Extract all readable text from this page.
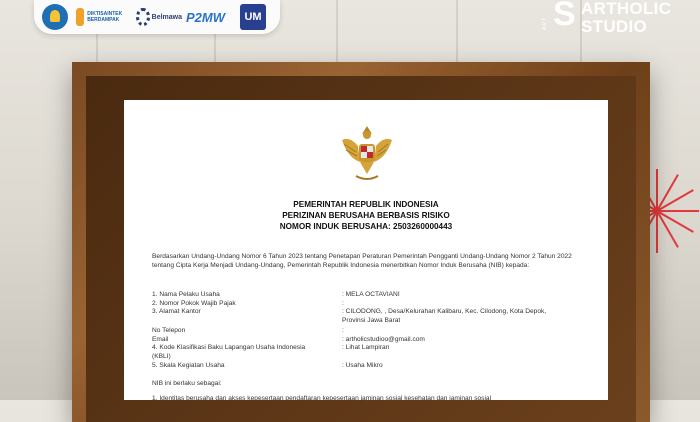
DIKTISAINTEK BERDAMPAK	Belmawa P2MW	UM	S
ART
ARTHOLIC
STUDIO
PEMERINTAH REPUBLIK INDONESIA
PERIZINAN BERUSAHA BERBASIS RISIKO
NOMOR INDUK BERUSAHA: 2503260000443
Berdasarkan Undang-Undang Nomor 6 Tahun 2023 tentang Penetapan Peraturan Pemerintah Pengganti Undang-Undang Nomor 2 Tahun 2022 tentang Cipta Kerja Menjadi Undang-Undang, Pemerintah Republik Indonesia menerbitkan Nomor Induk Berusaha (NIB) kepada:
1. Nama Pelaku Usaha	: MELA OCTAVIANI
2. Nomor Pokok Wajib Pajak	:
3. Alamat Kantor	: CILODONG, , Desa/Kelurahan Kalibaru, Kec. Cilodong, Kota Depok,
Provinsi Jawa Barat
No Telepon	:
Email	: artholicstudioo@gmail.com
4. Kode Klasifikasi Baku Lapangan Usaha Indonesia	: Lihat Lampiran
(KBLI)
5. Skala Kegiatan Usaha	: Usaha Mikro
NIB ini berlaku sebagai:
1. Identitas berusaha dan akses kepesertaan pendaftaran kepesertaan jaminan sosial kesehatan dan jaminan sosial
